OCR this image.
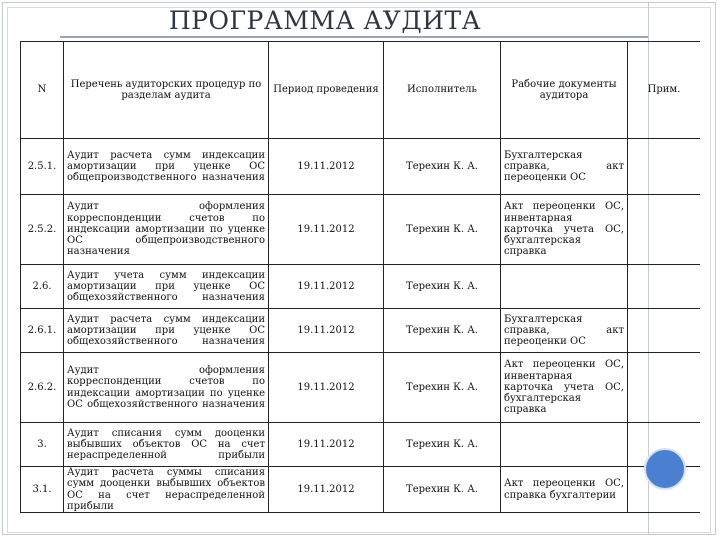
ПРОГРАММА АУДИТА
N	Перечень аудиторских процедур по разделам аудита	Период проведения	Исполнитель	Рабочие документы аудитора	Прим.
2.5.1.	Аудит расчета сумм индексации амортизации при уценке ОС общепроизводственного назначения	19.11.2012	Терехин К. А.	Бухгалтерская справка, акт переоценки ОС	
2.5.2.	Аудит оформления корреспонденции счетов по индексации амортизации по уценке ОС общепроизводственного назначения	19.11.2012	Терехин К. А.	Акт переоценки ОС, инвентарная карточка учета ОС, бухгалтерская справка	
2.6.	Аудит учета сумм индексации амортизации при уценке ОС общехозяйственного назначения	19.11.2012	Терехин К. А.		
2.6.1.	Аудит расчета сумм индексации амортизации при уценке ОС общехозяйственного назначения	19.11.2012	Терехин К. А.	Бухгалтерская справка, акт переоценки ОС	
2.6.2.	Аудит оформления корреспонденции счетов по индексации амортизации по уценке ОС общехозяйственного назначения	19.11.2012	Терехин К. А.	Акт переоценки ОС, инвентарная карточка учета ОС, бухгалтерская справка	
3.	Аудит списания сумм дооценки выбывших объектов ОС на счет нераспределенной прибыли	19.11.2012	Терехин К. А.		
3.1.	Аудит расчета суммы списания сумм дооценки выбывших объектов ОС на счет нераспределенной прибыли	19.11.2012	Терехин К. А.	Акт переоценки ОС, справка бухгалтерии	
